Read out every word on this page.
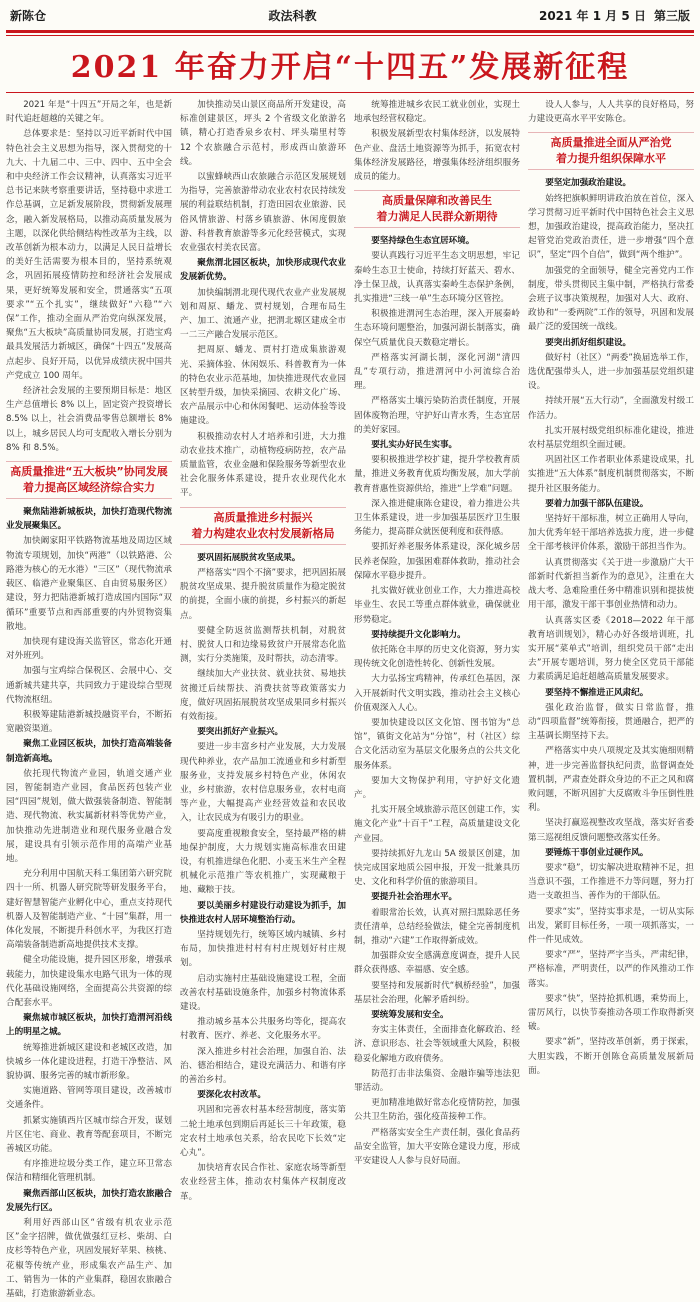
新陈仓	政法科教	2021 年 1 月 5 日 第三版
2021 年奋力开启“十四五”发展新征程

2021 年是“十四五”开局之年，也是新时代追赶超越的关键之年。

总体要求是：坚持以习近平新时代中国特色社会主义思想为指导，深入贯彻党的十九大、十九届二中、三中、四中、五中全会和中央经济工作会议精神，认真落实习近平总书记来陕考察重要讲话，坚持稳中求进工作总基调，立足新发展阶段，贯彻新发展理念，融入新发展格局，以推动高质量发展为主题，以深化供给侧结构性改革为主线，以改革创新为根本动力，以满足人民日益增长的美好生活需要为根本目的，坚持系统观念，巩固拓展疫情防控和经济社会发展成果，更好统筹发展和安全，贯通落实“五项要求”“五个扎实”，继续做好“六稳”“六保”工作，推动全面从严治党向纵深发展，聚焦“五大板块”高质量协同发展，打造宝鸡最具发展活力新城区，确保“十四五”发展高点起步、良好开局，以优异成绩庆祝中国共产党成立 100 周年。

经济社会发展的主要预期目标是：地区生产总值增长 8% 以上，固定资产投资增长 8.5% 以上，社会消费品零售总额增长 8% 以上，城乡居民人均可支配收入增长分别为 8% 和 8.5%。

高质量推进“五大板块”协同发展
着力提高区域经济综合实力

聚焦陆港新城板块，加快打造现代物流业发展聚集区。

加快阚家阳平铁路物流基地及周边区域物流专项规划，加快“两港”（以铁路港、公路港为核心的无水港）“三区”（现代物流承载区、临港产业聚集区、自由贸易服务区）建设，努力把陆港新城打造成国内国际“双循环”重要节点和西部重要的内外贸物资集散地。

加快现有建设海关监管区，常态化开通对外班列。

加强与宝鸡综合保税区、会展中心、交通新城共建共享，共同致力于建设综合型现代物流枢纽。

积极筹建陆港新城投融资平台，不断拓宽融资渠道。

聚焦工业园区板块，加快打造高端装备制造新高地。

依托现代物流产业园，轨道交通产业园，智能制造产业园，食品医药包装产业园“四园”规划，做大做强装备制造、智能制造、现代物流、秋实属新材料等优势产业，加快推动先进制造业和现代服务业融合发展，建设具有引领示范作用的高端产业基地。

充分利用中国航天科工集团第六研究院四十一所、机器人研究院等研发服务平台，建好智慧智能产业孵化中心，重点支持现代机器人及智能制造产业、“十园”集群，用一体化发展，不断提升科创水平，为我区打造高端装备制造新高地提供技术支撑。

健全功能设施，提升园区形象，增强承载能力，加快建设集水电路气讯为一体的现代化基础设施网络，全面提高公共资源的综合配套水平。

聚焦城市城区板块，加快打造渭河沿线上的明星之城。

统筹推进新城区建设和老城区改造，加快城乡一体化建设进程，打造干净整洁、风貌协调、服务完善的城市新形象。

实施道路、管网等项目建设，改善城市交通条件。

抓紧实施镇西片区城市综合开发，谋划片区住宅、商业、教育等配套项目，不断完善城区功能。

有序推进垃圾分类工作，建立环卫常态保洁和精细化管理机制。

聚焦西部山区板块，加快打造农旅融合发展先行区。

利用好西部山区“省级有机农业示范区”金字招牌，做优做强红豆杉、柴胡、白皮杉等特色产业，巩固发展好苹果、核桃、花椒等传统产业，形成集农产品生产、加工、销售为一体的产业集群，稳固农旅融合基础，打造旅游新业态。

加快推动吴山景区商品所开发建设，高标准创建景区，坪头 2 个省级文化旅游名镇，精心打造香泉乡农村、坪头瑞里村等 12 个农旅融合示范村，形成西山旅游环线。

以蜜蜂峡西山农旅融合示范区发展规划为指导，完善旅游带动农业农村农民持续发展的利益联结机制，打造田园农业旅游、民俗风情旅游、村落乡镇旅游、休闲度假旅游、科普教育旅游等多元化经营模式，实现农业强农村美农民富。

聚焦渭北园区板块，加快形成现代农业发展新优势。

加快编制渭北现代现代农业产业发展规划和周原、蟠龙、贾村规划，合理布局生产、加工、流通产业，把渭北塬区建成全市一二三产融合发展示范区。

把周原、蟠龙、贾村打造成集旅游观光、采摘体验、休闲娱乐、科普教育为一体的特色农业示范基地，加快推进现代农业园区转型升级，加快采摘园、农耕文化广场、农产品展示中心和休闲餐吧、运动体验等设施建设。

积极推动农村人才培养和引进，大力推动农业技术推广，动植物疫病防控，农产品质量监管，农业金融和保险服务等新型农业社会化服务体系建设，提升农业现代化水平。

高质量推进乡村振兴
着力构建农业农村发展新格局

要巩固拓展脱贫攻坚成果。

严格落实“四个不摘”要求，把巩固拓展脱贫攻坚成果、提升脱贫质量作为稳定脱贫的前提，全面小康的前提，乡村振兴的新起点。

要健全防返贫监测帮扶机制，对脱贫村、脱贫人口和边缘易致贫户开展常态化监测，实行分类施策，及时帮扶，动态清零。

继续加大产业扶贫、就业扶贫、易地扶贫搬迁后续帮扶、消费扶贫等政策落实力度，做好巩固拓展脱贫攻坚成果同乡村振兴有效衔接。

要突出抓好产业振兴。

要进一步丰富乡村产业发展，大力发展现代种养业，农产品加工流通业和乡村新型服务业，支持发展乡村特色产业，休闲农业，乡村旅游，农村信息服务业，农村电商等产业，大幅提高产业经营效益和农民收入，让农民成为有吸引力的职业。

要高度重视粮食安全，坚持最严格的耕地保护制度，大力规划实施高标准农田建设，有机推进绿色化肥、小麦玉米生产全程机械化示范推广等农机推广，实现藏粮于地、藏粮于技。

要以美丽乡村建设行动建设为抓手，加快推进农村人居环境整治行动。

坚持规划先行，统筹区域内城镇、乡村布局，加快推进村村有村庄规划好村庄规划。

启动实施村庄基础设施建设工程，全面改善农村基础设施条件，加强乡村物流体系建设。

推动城乡基本公共服务均等化，提高农村教育、医疗、养老、文化服务水平。

深入推进乡村社会治理，加强自治、法治、德治相结合，建设充满活力、和谐有序的善治乡村。

要深化农村改革。

巩固和完善农村基本经营制度，落实第二轮土地承包到期后再延长三十年政策，稳定农村土地承包关系，给农民吃下长效“定心丸”。

加快培育农民合作社、家庭农场等新型农业经营主体，推动农村集体产权制度改革。

统筹推进城乡农民工就业创业，实现土地承包经营权稳定。

积极发展新型农村集体经济，以发展特色产业、盘活土地资源等为抓手，拓宽农村集体经济发展路径，增强集体经济组织服务成员的能力。

高质量保障和改善民生
着力满足人民群众新期待

要坚持绿色生态宜居环境。

要认真践行习近平生态文明思想，牢记秦岭生态卫士使命，持续打好蓝天、碧水、净土保卫战，认真落实秦岭生态保护条例，扎实推进“三线一单”生态环境分区管控。

积极推进渭河生态治理，深入开展秦岭生态环境问题整治，加强河湖长制落实，确保空气质量优良天数稳定增长。

严格落实河湖长制，深化河湖“清四乱”专项行动，推进渭河中小河流综合治理。

严格落实土壤污染防治责任制度，开展固体废物治理，守护好山青水秀，生态宜居的美好家园。

要扎实办好民生实事。

要积极推进学校扩建，提升学校教育质量，推进义务教育优质均衡发展，加大学前教育普惠性资源供给，推进“上学难”问题。

深入推进健康陈仓建设，着力推进公共卫生体系建设，进一步加强基层医疗卫生服务能力，提高群众就医便利度和获得感。

要抓好养老服务体系建设，深化城乡居民养老保险，加强困难群体救助，推动社会保障水平稳步提升。

扎实做好就业创业工作，大力推进高校毕业生、农民工等重点群体就业，确保就业形势稳定。

要持续提升文化影响力。

依托陈仓丰厚的历史文化资源，努力实现传统文化创造性转化、创新性发展。

大力弘扬宝鸡精神，传承红色基因，深入开展新时代文明实践，推动社会主义核心价值观深入人心。

要加快建设以区文化馆、图书馆为“总馆”，镇街文化站为“分馆”，村（社区）综合文化活动室为基层文化服务点的公共文化服务体系。

要加大文物保护利用，守护好文化遗产。

扎实开展全域旅游示范区创建工作，实施文化产业“十百千”工程，高质量建设文化产业园。

要持续抓好九龙山 5A 级景区创建，加快完成国家地质公园申报，开发一批兼具历史、文化和科学价值的旅游项目。

要提升社会治理水平。

着眼常治长效，认真对照扫黑除恶任务责任清单，总结经验做法，健全完善制度机制，推动“六建”工作取得新成效。

加强群众安全感满意度调查，提升人民群众获得感、幸福感、安全感。

要坚持和发展新时代“枫桥经验”，加强基层社会治理，化解矛盾纠纷。

要统筹发展和安全。

夯实主体责任，全面排查化解政治、经济、意识形态、社会等领域重大风险，积极稳妥化解地方政府债务。

防范打击非法集资、金融诈骗等违法犯罪活动。

更加精准地做好常态化疫情防控，加强公共卫生防治，强化疫苗接种工作。

严格落实安全生产责任制，强化食品药品安全监管，加大平安陈仓建设力度，形成平安建设人人参与良好局面。

设人人参与，人人共享的良好格局，努力建设更高水平平安陈仓。

高质量推进全面从严治党
着力提升组织保障水平

要坚定加强政治建设。

始终把旗帜鲜明讲政治放在首位，深入学习贯彻习近平新时代中国特色社会主义思想，加强政治建设，提高政治能力，坚决扛起管党治党政治责任，进一步增强“四个意识”，坚定“四个自信”，做到“两个维护”。

加强党的全面领导，健全完善党内工作制度，带头贯彻民主集中制，严格执行常委会班子议事决策规程，加强对人大、政府、政协和“一委两院”工作的领导，巩固和发展最广泛的爱国统一战线。

要突出抓好组织建设。

做好村（社区）“两委”换届选举工作，选优配强带头人，进一步加强基层党组织建设。

持续开展“五大行动”，全面激发村级工作活力。

扎实开展村级党组织标准化建设，推进农村基层党组织全面过硬。

巩固社区工作者职业体系建设成果，扎实推进“五大体系”制度机制贯彻落实，不断提升社区服务能力。

要着力加强干部队伍建设。

坚持好干部标准，树立正确用人导向，加大优秀年轻干部培养选拔力度，进一步健全干部考核评价体系，激励干部担当作为。

认真贯彻落实《关于进一步激励广大干部新时代新担当新作为的意见》，注重在大战大考、急难险重任务中精准识别和提拔使用干部，激发干部干事创业热情和动力。

认真落实区委《2018—2022 年干部教育培训规划》，精心办好各级培训班，扎实开展“菜单式”培训，组织党员干部“走出去”开展专题培训，努力使全区党员干部能力素质满足追赶超越高质量发展要求。

要坚持不懈推进正风肃纪。

强化政治监督，做实日常监督，推动“四项监督”统筹衔接，贯通融合，把严的主基调长期坚持下去。

严格落实中央八项规定及其实施细则精神，进一步完善监督执纪问责，监督调查处置机制，严肃查处群众身边的不正之风和腐败问题，不断巩固扩大反腐败斗争压倒性胜利。

坚决打赢巡视整改攻坚战，落实好省委第三巡视组反馈问题整改落实任务。

要锤炼干事创业过硬作风。

要求“稳”，切实解决进取精神不足，担当意识不强，工作推进不力等问题，努力打造一支敢担当、善作为的干部队伍。

要求“实”，坚持实事求是，一切从实际出发，紧盯目标任务，一项一项抓落实，一件一件见成效。

要求“严”，坚持严字当头，严肃纪律，严格标准，严明责任，以严的作风推动工作落实。

要求“快”，坚持抢抓机遇，乘势而上，雷厉风行，以快节奏推动各项工作取得新突破。

要求“新”，坚持改革创新，勇于探索，大胆实践，不断开创陈仓高质量发展新局面。
